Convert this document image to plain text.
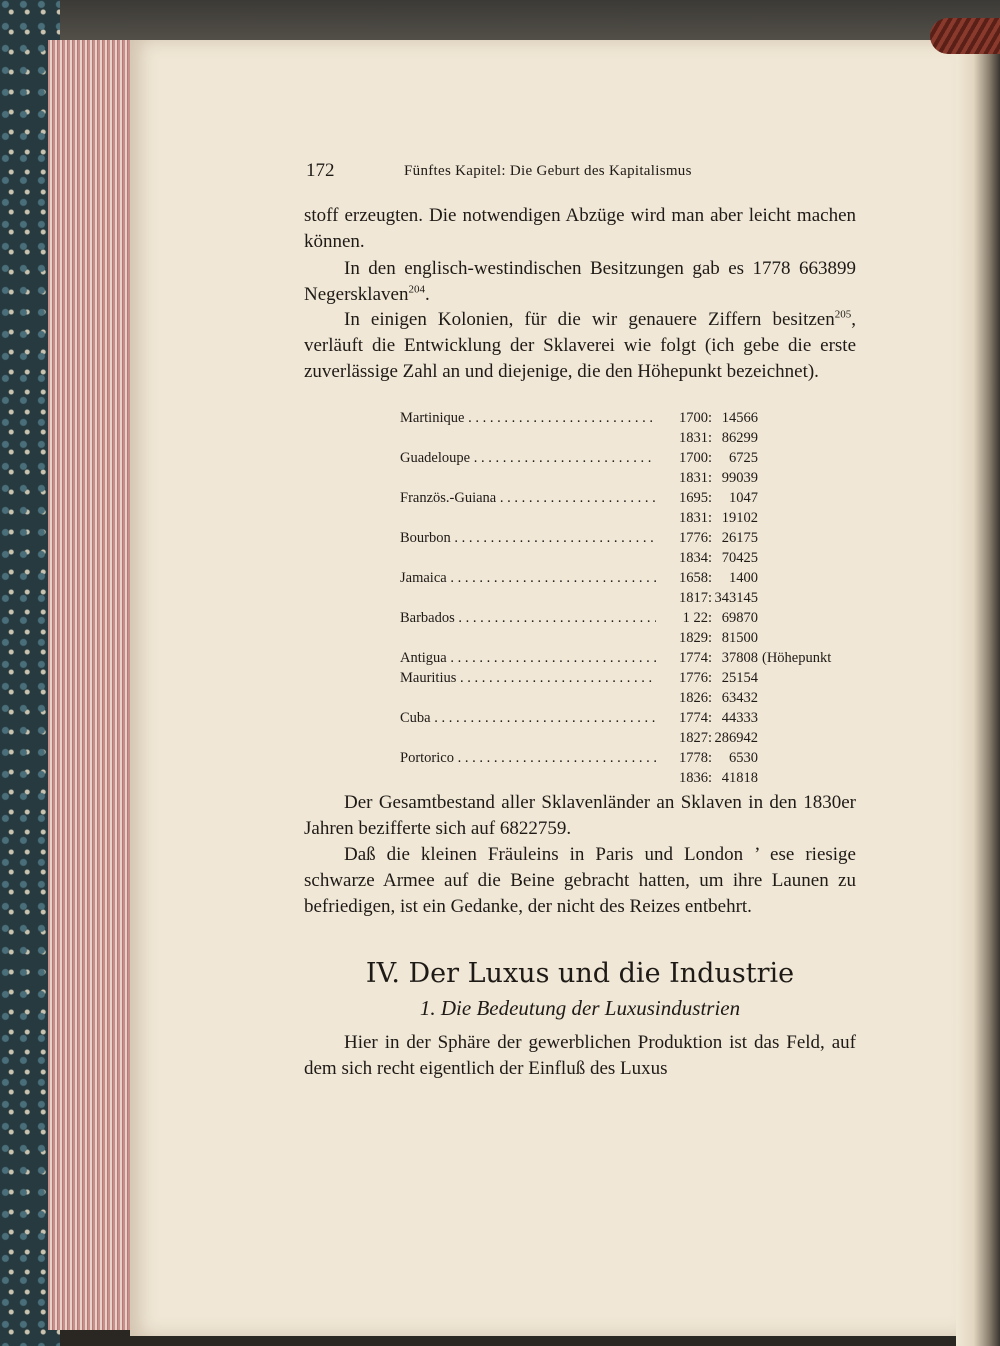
172	Fünftes Kapitel: Die Geburt des Kapitalismus

stoff erzeugten. Die notwendigen Abzüge wird man aber leicht machen können.

In den englisch-westindischen Besitzungen gab es 1778 663899 Negersklaven$^{204}$.

In einigen Kolonien, für die wir genauere Ziffern besitzen$^{205}$, verläuft die Entwicklung der Sklaverei wie folgt (ich gebe die erste zuverlässige Zahl an und diejenige, die den Höhepunkt bezeichnet).

Martinique . . .	1700: 14566
1831: 86299
Guadeloupe . . .	1700:	6725
1831: 99039
Französ.-Guiana . . .	1695:	1047
1831: 19102
Bourbon . . .	1776: 26175
1834: 70425
Jamaica . . .	1658:	1400
1817: 343145
Barbados . . .	1 22: 69870
1829: 81500
Antigua . . .	1774: 37808 (Höhepunkt
Mauritius . . .	1776: 25154
1826: 63432
Cuba . . .	1774: 44333
1827: 286942
Portorico . . .	1778:	6530
1836: 41818

Der Gesamtbestand aller Sklavenländer an Sklaven in den 1830er Jahren bezifferte sich auf 6822759.

Daß die kleinen Fräuleins in Paris und London ’ ese riesige schwarze Armee auf die Beine gebracht hatten, um ihre Launen zu befriedigen, ist ein Gedanke, der nicht des Reizes entbehrt.

IV. Der Luxus und die Industrie
1. Die Bedeutung der Luxusindustrien

Hier in der Sphäre der gewerblichen Produktion ist das Feld, auf dem sich recht eigentlich der Einfluß des Luxus
